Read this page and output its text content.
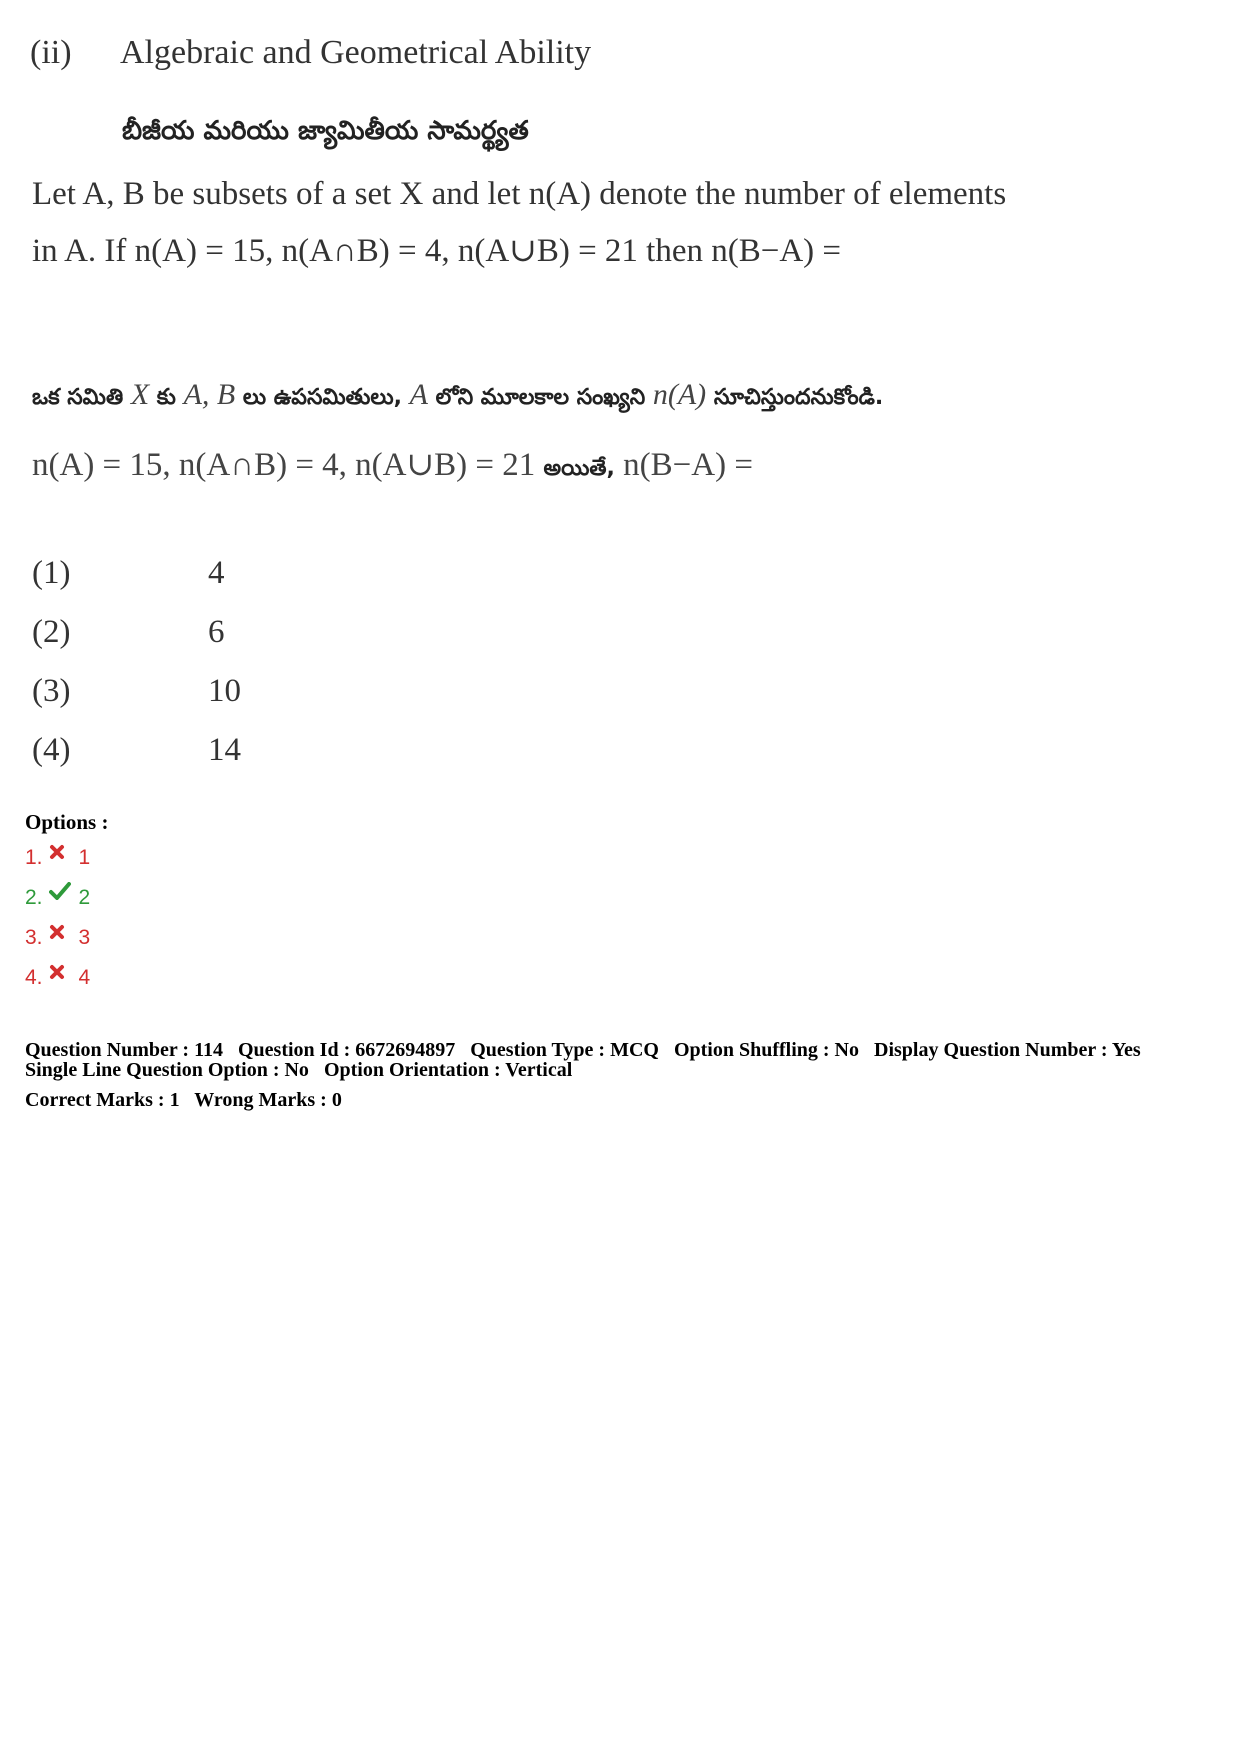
(ii) Algebraic and Geometrical Ability
బీజీయ మరియు జ్యామితీయ సామర్థ్యత
Let A, B be subsets of a set X and let n(A) denote the number of elements
in A. If n(A) = 15, n(A∩B) = 4, n(A∪B) = 21 then n(B−A) =
ఒక సమితి X కు A, B లు ఉపసమితులు, A లోని మూలకాల సంఖ్యని n(A) సూచిస్తుందనుకోండి.
n(A) = 15, n(A∩B) = 4, n(A∪B) = 21 అయితే, n(B−A) =
(1)	4
(2)	6
(3)	10
(4)	14
Options :
1. 1
2. 2
3. 3
4. 4
Question Number : 114 Question Id : 6672694897 Question Type : MCQ Option Shuffling : No Display Question Number : Yes
Single Line Question Option : No Option Orientation : Vertical
Correct Marks : 1 Wrong Marks : 0
